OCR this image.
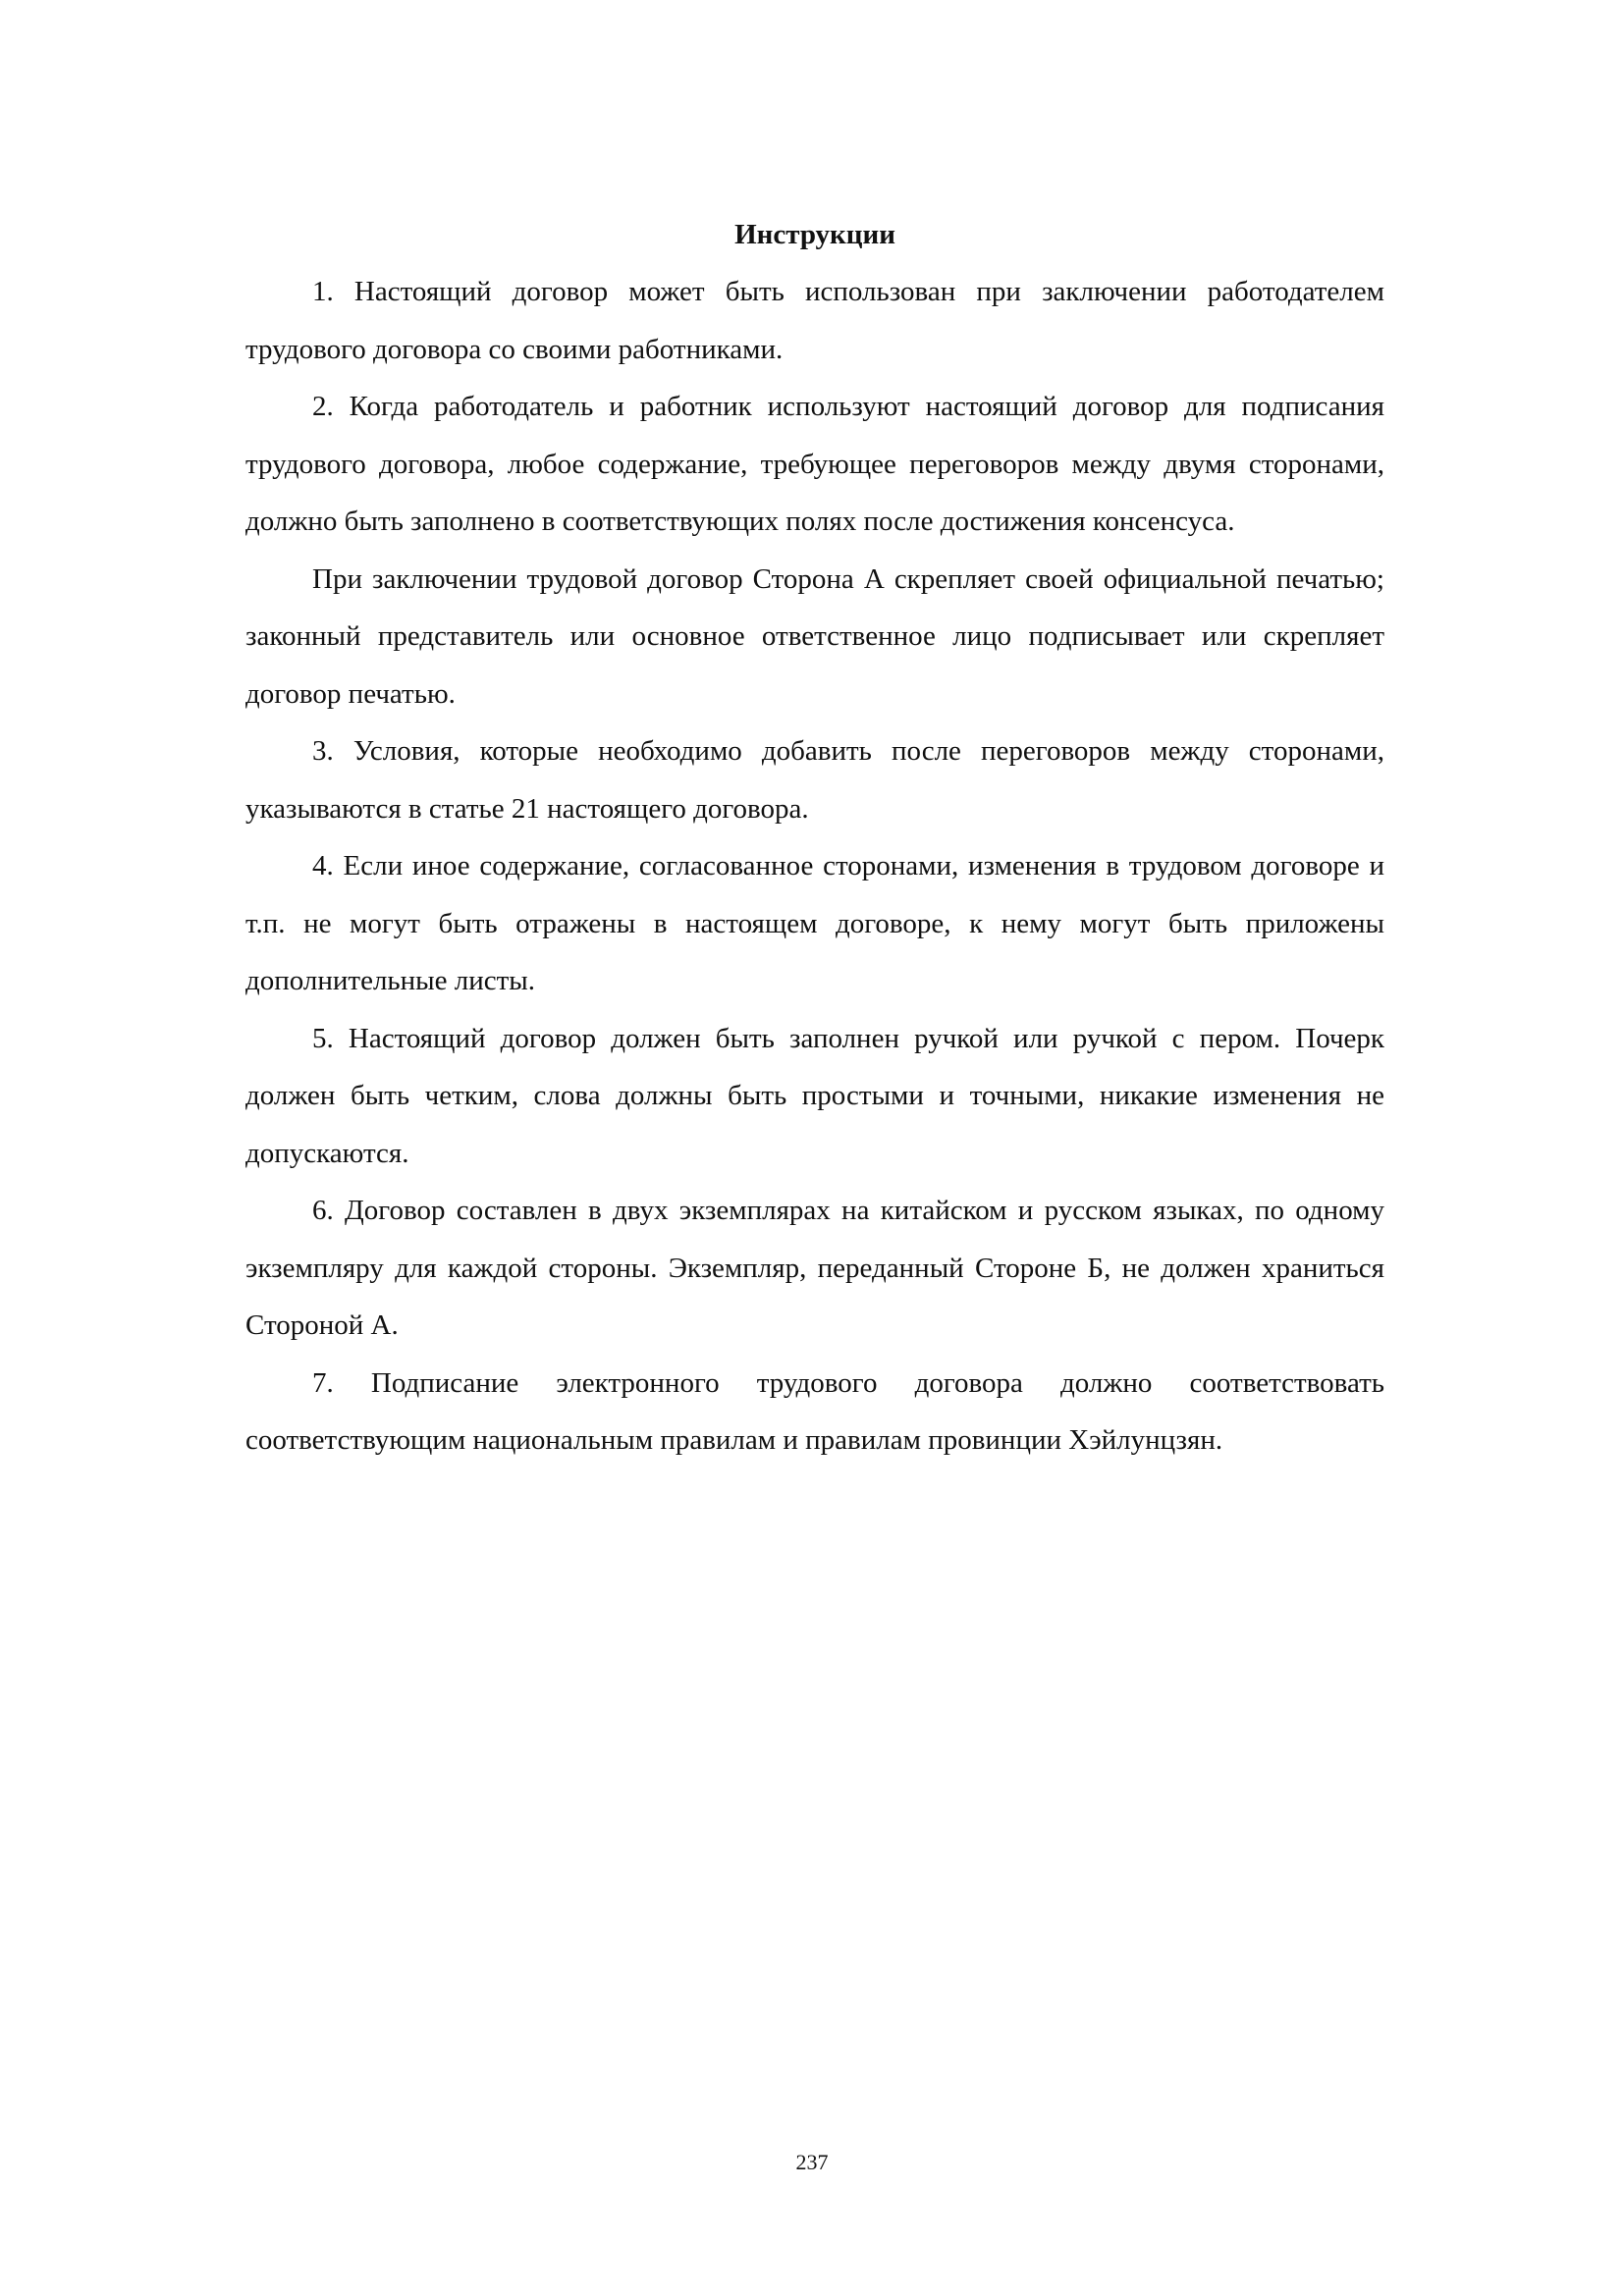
Инструкции

1. Настоящий договор может быть использован при заключении работодателем трудового договора со своими работниками.

2. Когда работодатель и работник используют настоящий договор для подписания трудового договора, любое содержание, требующее переговоров между двумя сторонами, должно быть заполнено в соответствующих полях после достижения консенсуса.

При заключении трудовой договор Сторона А скрепляет своей официальной печатью; законный представитель или основное ответственное лицо подписывает или скрепляет договор печатью.

3. Условия, которые необходимо добавить после переговоров между сторонами, указываются в статье 21 настоящего договора.

4. Если иное содержание, согласованное сторонами, изменения в трудовом договоре и т.п. не могут быть отражены в настоящем договоре, к нему могут быть приложены дополнительные листы.

5. Настоящий договор должен быть заполнен ручкой или ручкой с пером. Почерк должен быть четким, слова должны быть простыми и точными, никакие изменения не допускаются.

6. Договор составлен в двух экземплярах на китайском и русском языках, по одному экземпляру для каждой стороны. Экземпляр, переданный Стороне Б, не должен храниться Стороной А.

7. Подписание электронного трудового договора должно соответствовать соответствующим национальным правилам и правилам провинции Хэйлунцзян.

237
